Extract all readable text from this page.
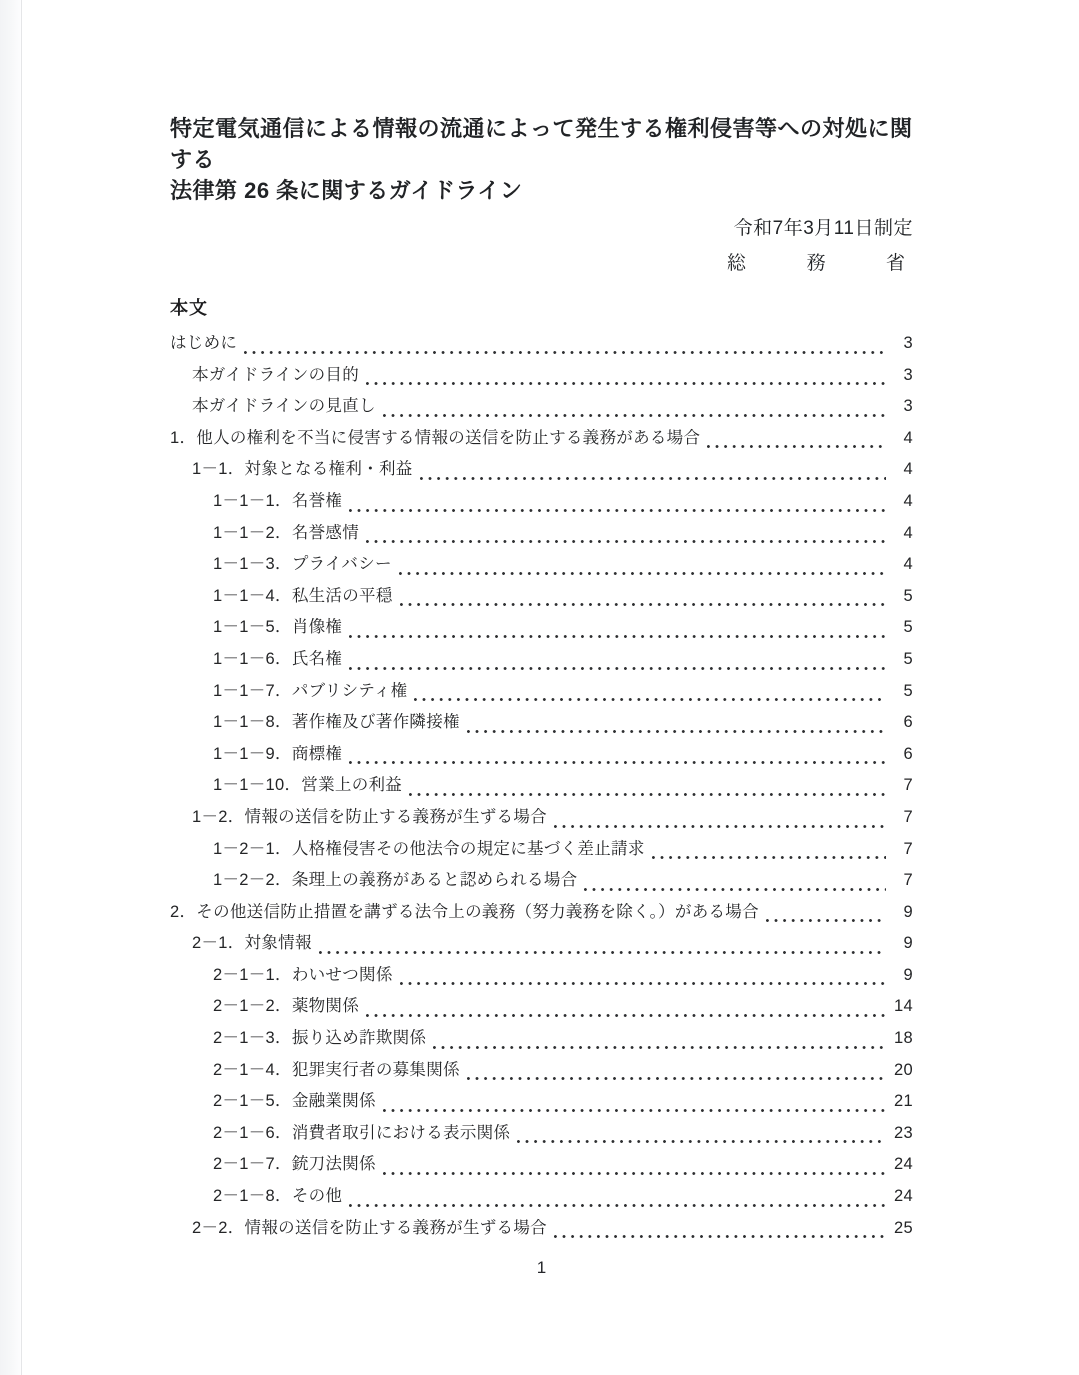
特定電気通信による情報の流通によって発生する権利侵害等への対処に関する
法律第 26 条に関するガイドライン
令和7年3月11日制定
総	務	省
本文
はじめに	3
本ガイドラインの目的	3
本ガイドラインの見直し	3
1．他人の権利を不当に侵害する情報の送信を防止する義務がある場合	4
1－1．対象となる権利・利益	4
1－1－1．名誉権	4
1－1－2．名誉感情	4
1－1－3．プライバシー	4
1－1－4．私生活の平穏	5
1－1－5．肖像権	5
1－1－6．氏名権	5
1－1－7．パブリシティ権	5
1－1－8．著作権及び著作隣接権	6
1－1－9．商標権	6
1－1－10．営業上の利益	7
1－2．情報の送信を防止する義務が生ずる場合	7
1－2－1．人格権侵害その他法令の規定に基づく差止請求	7
1－2－2．条理上の義務があると認められる場合	7
2．その他送信防止措置を講ずる法令上の義務（努力義務を除く。）がある場合	9
2－1．対象情報	9
2－1－1．わいせつ関係	9
2－1－2．薬物関係	14
2－1－3．振り込め詐欺関係	18
2－1－4．犯罪実行者の募集関係	20
2－1－5．金融業関係	21
2－1－6．消費者取引における表示関係	23
2－1－7．銃刀法関係	24
2－1－8．その他	24
2－2．情報の送信を防止する義務が生ずる場合	25
1
